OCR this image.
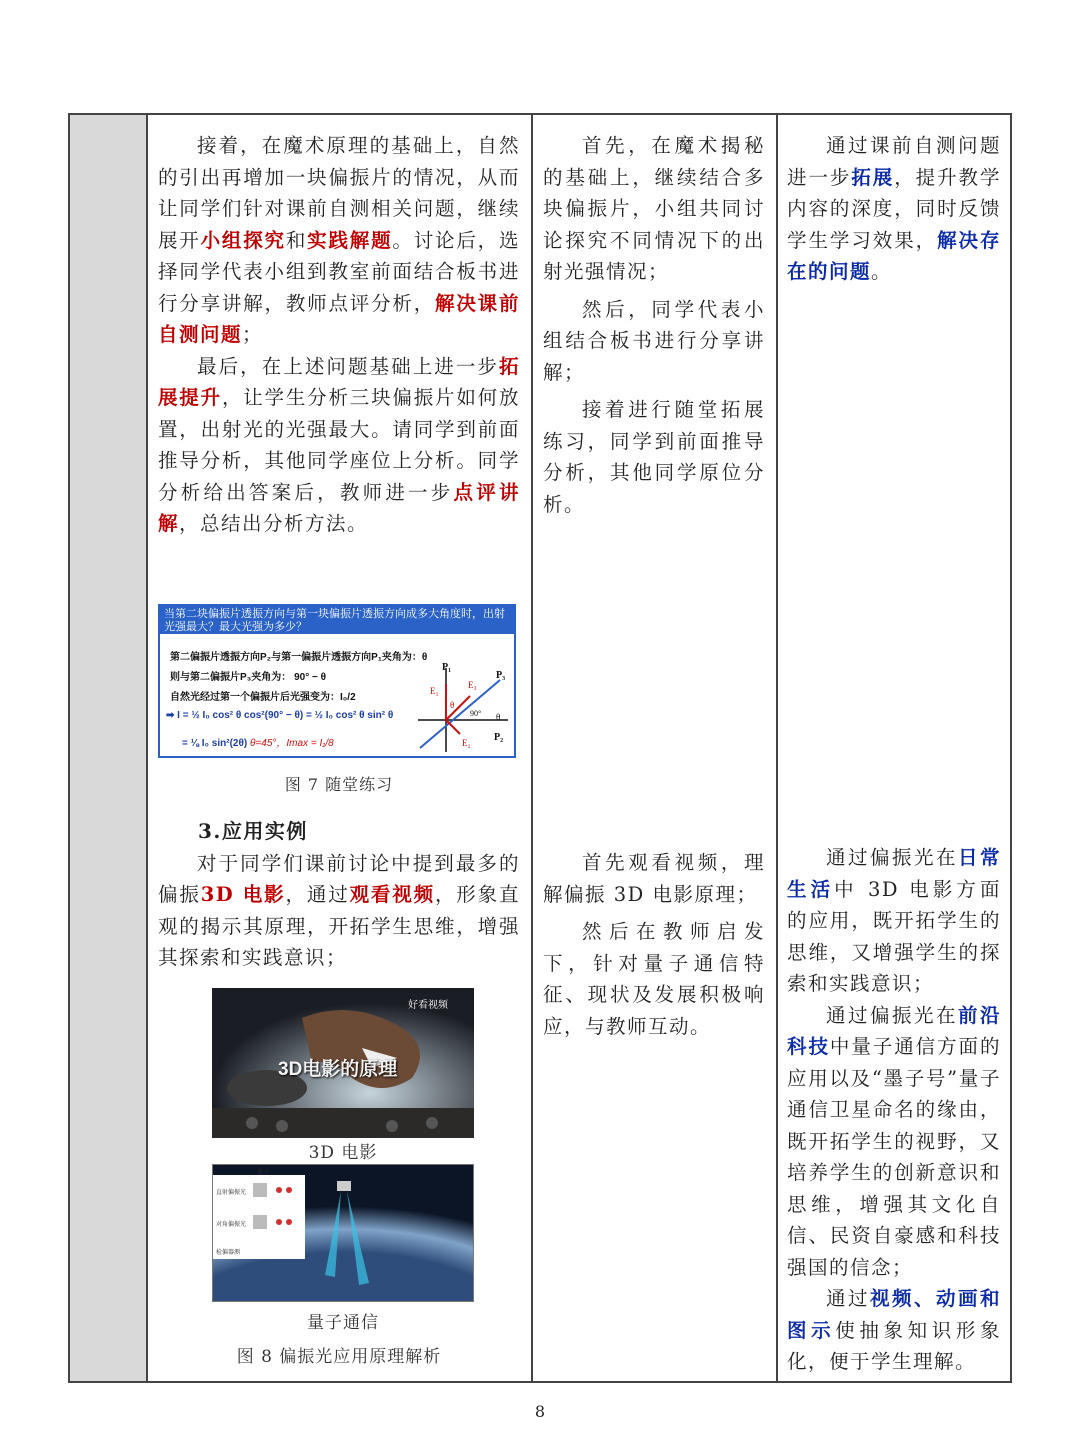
接着，在魔术原理的基础上，自然的引出再增加一块偏振片的情况，从而让同学们针对课前自测相关问题，继续展开小组探究和实践解题。讨论后，选择同学代表小组到教室前面结合板书进行分享讲解，教师点评分析，解决课前自测问题；

最后，在上述问题基础上进一步拓展提升，让学生分析三块偏振片如何放置，出射光的光强最大。请同学到前面推导分析，其他同学座位上分析。同学分析给出答案后，教师进一步点评讲解，总结出分析方法。

当第二块偏振片透振方向与第一块偏振片透振方向成多大角度时，出射光强最大？最大光强为多少？
第二偏振片透振方向P₂与第一偏振片透振方向P₁夹角为：θ
则与第二偏振片P₃夹角为： 90° − θ
自然光经过第一个偏振片后光强变为：I₀/2
➡ I = ½ I₀ cos² θ cos²(90° − θ) = ½ I₀ cos² θ sin² θ
= ⅛ I₀ sin²(2θ) θ=45°，Imax = I₁/8
P₁
P₂
P₃
E₁
E₂
E₃
θ
90° θ
图 7 随堂练习

3.应用实例

对于同学们课前讨论中提到最多的偏振3D 电影，通过观看视频，形象直观的揭示其原理，开拓学生思维，增强其探索和实践意识；

好看视频
3D电影的原理
3D 电影
光子
直射偏振光
对角偏振光
检偏器测
量子通信
图 8 偏振光应用原理解析

首先，在魔术揭秘的基础上，继续结合多块偏振片，小组共同讨论探究不同情况下的出射光强情况；

然后，同学代表小组结合板书进行分享讲解；

接着进行随堂拓展练习，同学到前面推导分析，其他同学原位分析。

首先观看视频，理解偏振 3D 电影原理；

然后在教师启发下，针对量子通信特征、现状及发展积极响应，与教师互动。

通过课前自测问题进一步拓展，提升教学内容的深度，同时反馈学生学习效果，解决存在的问题。

通过偏振光在日常生活中 3D 电影方面的应用，既开拓学生的思维，又增强学生的探索和实践意识；

通过偏振光在前沿科技中量子通信方面的应用以及“墨子号”量子通信卫星命名的缘由，既开拓学生的视野，又培养学生的创新意识和思维，增强其文化自信、民资自豪感和科技强国的信念；

通过视频、动画和图示使抽象知识形象化，便于学生理解。

8
